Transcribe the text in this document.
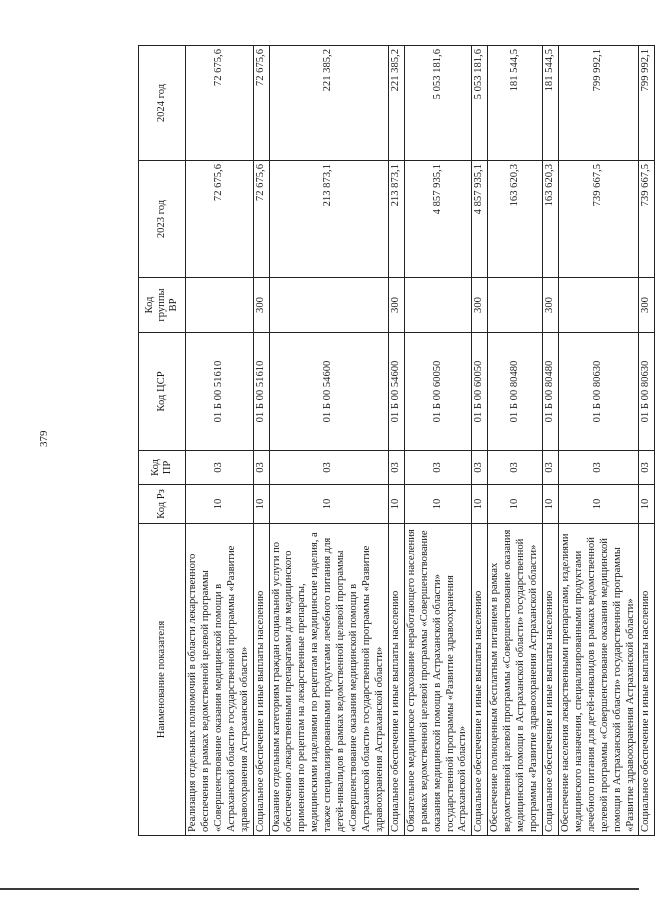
379
Наименование показателя	Код Рз	Код ПР	Код ЦСР	Код группы ВР	2023 год	2024 год
Реализация отдельных полномочий в области лекарственного обеспечения в рамках ведомственной целевой программы «Совершенствование оказания медицинской помощи в Астраханской области» государственной программы «Развитие здравоохранения Астраханской области»	10	03	01 Б 00 51610		72 675,6	72 675,6
Социальное обеспечение и иные выплаты населению	10	03	01 Б 00 51610	300	72 675,6	72 675,6
Оказание отдельным категориям граждан социальной услуги по обеспечению лекарственными препаратами для медицинского применения по рецептам на лекарственные препараты, медицинскими изделиями по рецептам на медицинские изделия, а также специализированными продуктами лечебного питания для детей-инвалидов в рамках ведомственной целевой программы «Совершенствование оказания медицинской помощи в Астраханской области» государственной программы «Развитие здравоохранения Астраханской области»	10	03	01 Б 00 54600		213 873,1	221 385,2
Социальное обеспечение и иные выплаты населению	10	03	01 Б 00 54600	300	213 873,1	221 385,2
Обязательное медицинское страхование неработающего населения в рамках ведомственной целевой программы «Совершенствование оказания медицинской помощи в Астраханской области» государственной программы «Развитие здравоохранения Астраханской области»	10	03	01 Б 00 60050		4 857 935,1	5 053 181,6
Социальное обеспечение и иные выплаты населению	10	03	01 Б 00 60050	300	4 857 935,1	5 053 181,6
Обеспечение полноценным бесплатным питанием в рамках ведомственной целевой программы «Совершенствование оказания медицинской помощи в Астраханской области» государственной программы «Развитие здравоохранения Астраханской области»	10	03	01 Б 00 80480		163 620,3	181 544,5
Социальное обеспечение и иные выплаты населению	10	03	01 Б 00 80480	300	163 620,3	181 544,5
Обеспечение населения лекарственными препаратами, изделиями медицинского назначения, специализированными продуктами лечебного питания для детей-инвалидов в рамках ведомственной целевой программы «Совершенствование оказания медицинской помощи в Астраханской области» государственной программы «Развитие здравоохранения Астраханской области»	10	03	01 Б 00 80630		739 667,5	799 992,1
Социальное обеспечение и иные выплаты населению	10	03	01 Б 00 80630	300	739 667,5	799 992,1
